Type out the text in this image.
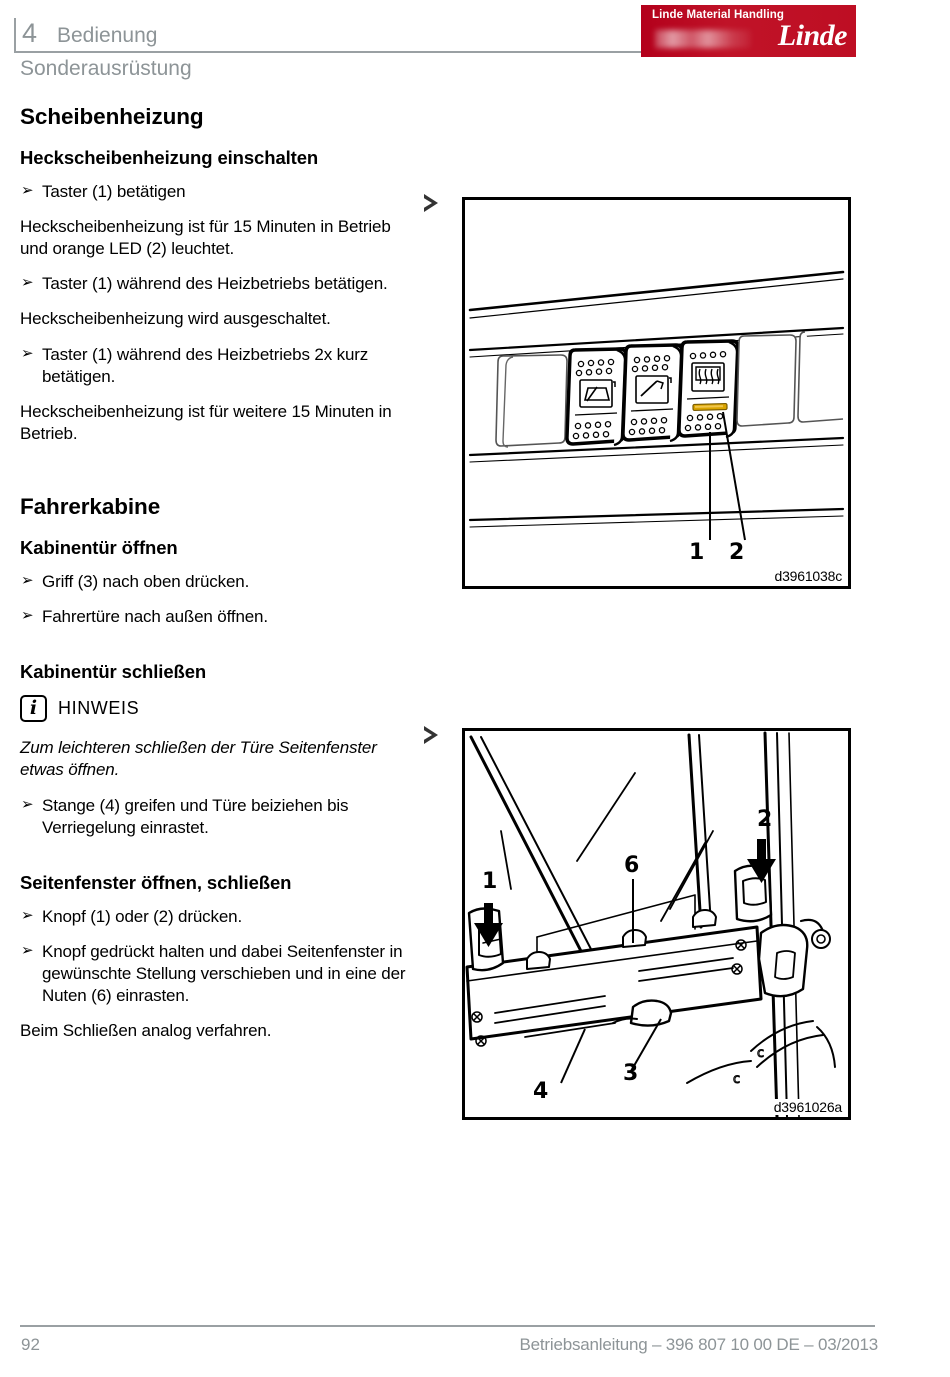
4 Bedienung
Sonderausrüstung
Linde Material Handling
Linde
Scheibenheizung
Heckscheibenheizung einschalten
➢ Taster (1) betätigen

Heckscheibenheizung ist für 15 Minuten in Betrieb und orange LED (2) leuchtet.

➢ Taster (1) während des Heizbetriebs betätigen.

Heckscheibenheizung wird ausgeschaltet.

➢ Taster (1) während des Heizbetriebs 2x kurz betätigen.

Heckscheibenheizung ist für weitere 15 Minuten in Betrieb.

Fahrerkabine
Kabinentür öffnen
➢ Griff (3) nach oben drücken.
➢ Fahrertüre nach außen öffnen.
Kabinentür schließen
i HINWEIS

Zum leichteren schließen der Türe Seitenfenster etwas öffnen.

➢ Stange (4) greifen und Türe beiziehen bis Verriegelung einrastet.
Seitenfenster öffnen, schließen
➢ Knopf (1) oder (2) drücken.
➢ Knopf gedrückt halten und dabei Seitenfenster in gewünschte Stellung verschieben und in eine der Nuten (6) einrasten.

Beim Schließen analog verfahren.

1 2
d3961038c
c
c
1
2
3
4
6
d3961026a
92	Betriebsanleitung – 396 807 10 00 DE – 03/2013
